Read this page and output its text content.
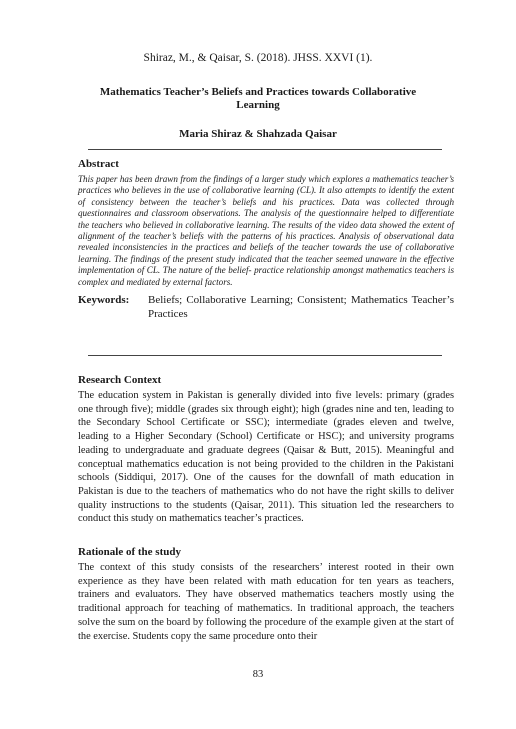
Shiraz, M., & Qaisar, S. (2018). JHSS. XXVI (1).
Mathematics Teacher’s Beliefs and Practices towards Collaborative Learning
Maria Shiraz & Shahzada Qaisar
Abstract
This paper has been drawn from the findings of a larger study which explores a mathematics teacher’s practices who believes in the use of collaborative learning (CL). It also attempts to identify the extent of consistency between the teacher’s beliefs and his practices. Data was collected through questionnaires and classroom observations. The analysis of the questionnaire helped to differentiate the teachers who believed in collaborative learning. The results of the video data showed the extent of alignment of the teacher’s beliefs with the patterns of his practices. Analysis of observational data revealed inconsistencies in the practices and beliefs of the teacher towards the use of collaborative learning. The findings of the present study indicated that the teacher seemed unaware in the effective implementation of CL. The nature of the belief- practice relationship amongst mathematics teachers is complex and mediated by external factors.
Keywords: Beliefs; Collaborative Learning; Consistent; Mathematics Teacher’s Practices
Research Context
The education system in Pakistan is generally divided into five levels: primary (grades one through five); middle (grades six through eight); high (grades nine and ten, leading to the Secondary School Certificate or SSC); intermediate (grades eleven and twelve, leading to a Higher Secondary (School) Certificate or HSC); and university programs leading to undergraduate and graduate degrees (Qaisar & Butt, 2015). Meaningful and conceptual mathematics education is not being provided to the children in the Pakistani schools (Siddiqui, 2017). One of the causes for the downfall of math education in Pakistan is due to the teachers of mathematics who do not have the right skills to deliver quality instructions to the students (Qaisar, 2011). This situation led the researchers to conduct this study on mathematics teacher’s practices.
Rationale of the study
The context of this study consists of the researchers’ interest rooted in their own experience as they have been related with math education for ten years as teachers, trainers and evaluators. They have observed mathematics teachers mostly using the traditional approach for teaching of mathematics. In traditional approach, the teachers solve the sum on the board by following the procedure of the example given at the start of the exercise. Students copy the same procedure onto their
83
